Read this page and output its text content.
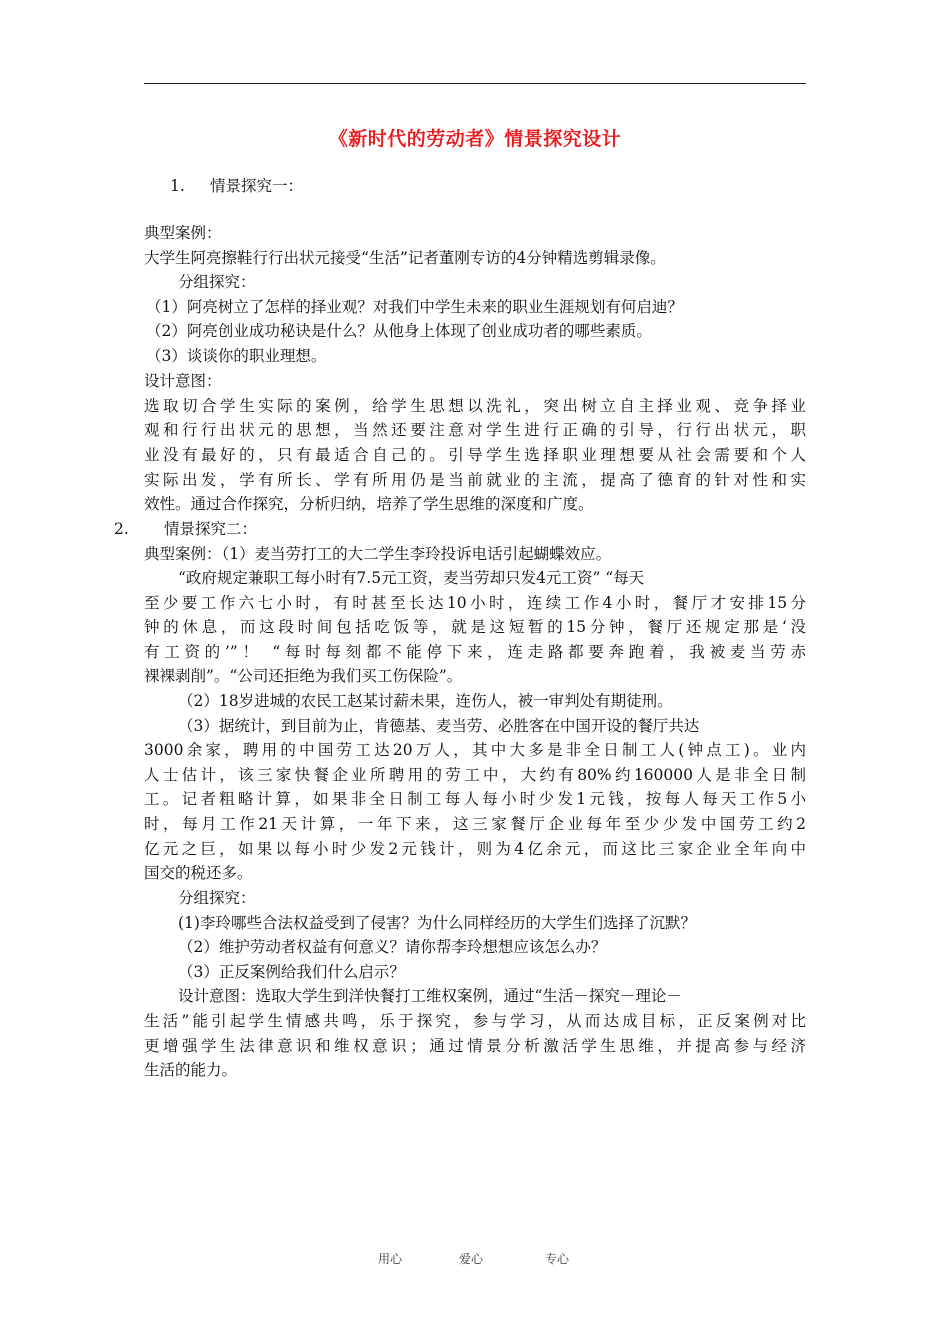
《新时代的劳动者》情景探究设计
1. 情景探究一：
典型案例：
大学生阿亮擦鞋行行出状元接受“生活”记者董刚专访的4分钟精选剪辑录像。
分组探究：
（1）阿亮树立了怎样的择业观？对我们中学生未来的职业生涯规划有何启迪？
（2）阿亮创业成功秘诀是什么？从他身上体现了创业成功者的哪些素质。
（3）谈谈你的职业理想。
设计意图：
选取切合学生实际的案例，给学生思想以洗礼，突出树立自主择业观、竞争择业
观和行行出状元的思想，当然还要注意对学生进行正确的引导，行行出状元，职
业没有最好的，只有最适合自己的。引导学生选择职业理想要从社会需要和个人
实际出发，学有所长、学有所用仍是当前就业的主流，提高了德育的针对性和实
效性。通过合作探究，分析归纳，培养了学生思维的深度和广度。
2. 情景探究二：
典型案例：（1）麦当劳打工的大二学生李玲投诉电话引起蝴蝶效应。
“政府规定兼职工每小时有7.5元工资，麦当劳却只发4元工资” “每天
至少要工作六七小时，有时甚至长达10小时，连续工作4小时，餐厅才安排15分
钟的休息，而这段时间包括吃饭等，就是这短暂的15分钟，餐厅还规定那是‘没
有工资的’”！ “每时每刻都不能停下来，连走路都要奔跑着，我被麦当劳赤
裸裸剥削”。“公司还拒绝为我们买工伤保险”。
（2）18岁进城的农民工赵某讨薪未果，连伤人，被一审判处有期徒刑。
（3）据统计，到目前为止，肯德基、麦当劳、必胜客在中国开设的餐厅共达
3000余家，聘用的中国劳工达20万人，其中大多是非全日制工人(钟点工)。业内
人士估计，该三家快餐企业所聘用的劳工中，大约有80%约160000人是非全日制
工。记者粗略计算，如果非全日制工每人每小时少发1元钱，按每人每天工作5小
时，每月工作21天计算，一年下来，这三家餐厅企业每年至少少发中国劳工约2
亿元之巨，如果以每小时少发2元钱计，则为4亿余元，而这比三家企业全年向中
国交的税还多。
分组探究：
(1)李玲哪些合法权益受到了侵害？为什么同样经历的大学生们选择了沉默？
（2）维护劳动者权益有何意义？请你帮李玲想想应该怎么办？
（3）正反案例给我们什么启示？
设计意图：选取大学生到洋快餐打工维权案例，通过“生活－探究－理论－
生活”能引起学生情感共鸣，乐于探究，参与学习，从而达成目标，正反案例对比
更增强学生法律意识和维权意识；通过情景分析激活学生思维，并提高参与经济
生活的能力。
用心	爱心	专心
